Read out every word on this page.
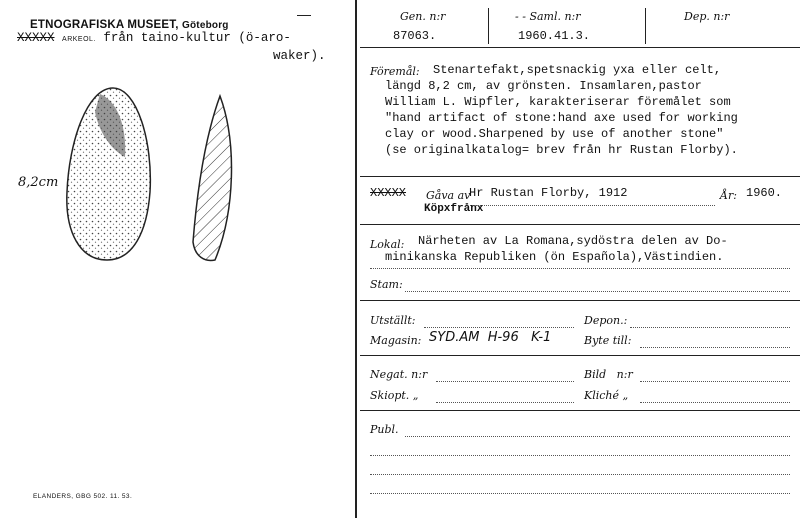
ETNOGRAFISKA MUSEET, Göteborg
XXXXX ARKEOL. från taino-kultur (ö-aro-
waker).
8,2cm
ELANDERS, GBG 502. 11. 53.
Gen. n:r	- - Saml. n:r	Dep. n:r
87063.	1960.41.3.
Föremål: Stenartefakt,spetsnackig yxa eller celt,
längd 8,2 cm, av grönsten. Insamlaren,pastor
William L. Wipfler, karakteriserar föremålet som
"hand artifact of stone:hand axe used for working
clay or wood.Sharpened by use of another stone"
(se originalkatalog= brev från hr Rustan Florby).
XXXXX Gåva av
Hr Rustan Florby, 1912	År: 1960.
Köpxfrånx
Lokal: Närheten av La Romana,sydöstra delen av Do-
minikanska Republiken (ön Española),Västindien.
Stam:
Utställt:	Depon.:
Magasin: SYD.AM  H-96   K-1	Byte till:
Negat. n:r	Bild   n:r
Skiopt. „	Kliché „
Publ.
